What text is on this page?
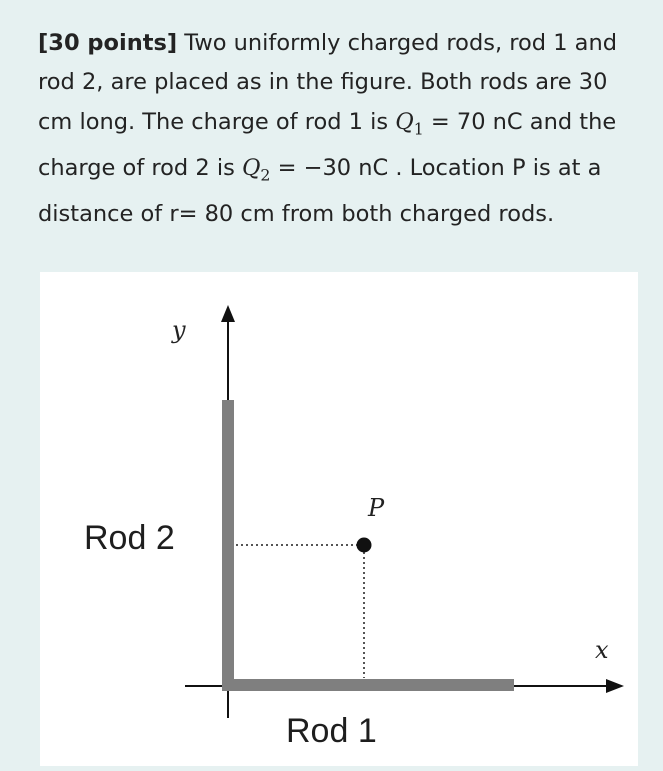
[30 points] Two uniformly charged rods, rod 1 and rod 2, are placed as in the figure. Both rods are 30 cm long. The charge of rod 1 is $Q_1 = 70$ nC and the charge of rod 2 is $Q_2 = -30$ nC . Location P is at a distance of r= 80 cm from both charged rods.
y
x
P
Rod 2
Rod 1
